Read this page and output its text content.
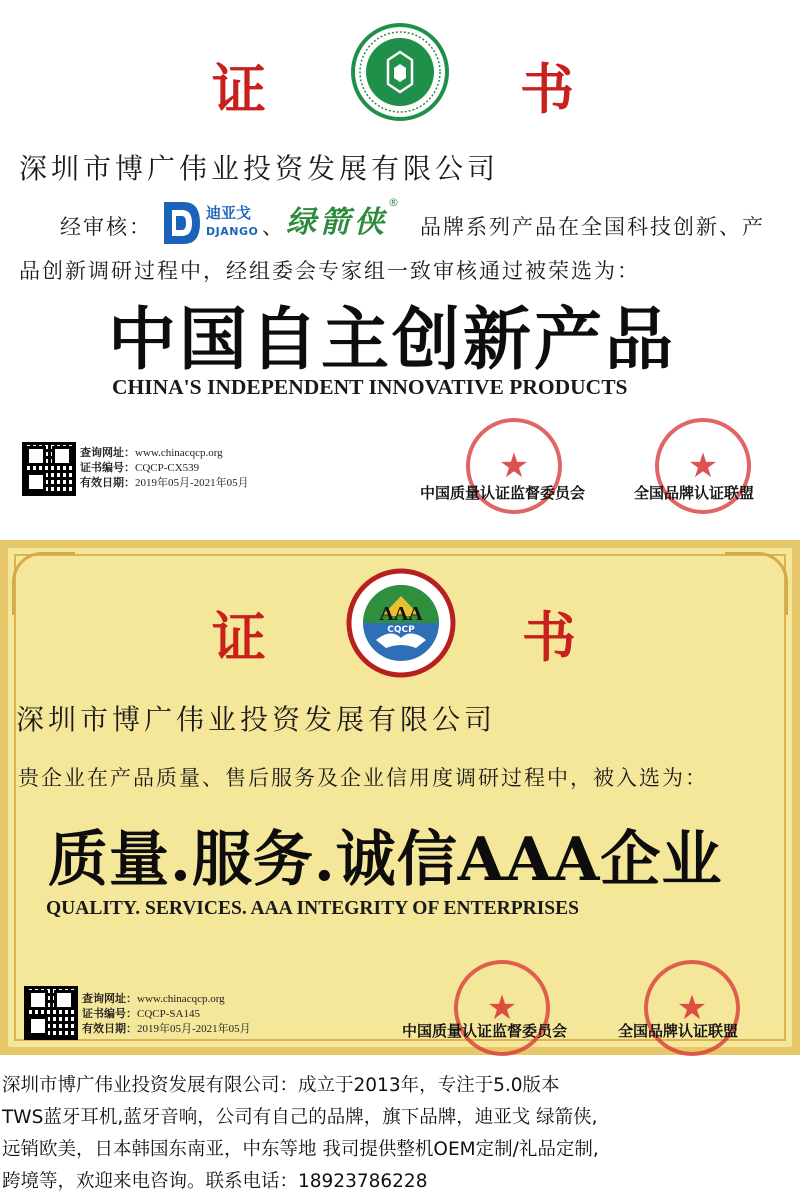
证	书
深圳市博广伟业投资发展有限公司
经审核：
迪亚戈
DJANGO 、 绿箭侠
®
品牌系列产品在全国科技创新、产
品创新调研过程中，经组委会专家组一致审核通过被荣选为：
中国自主创新产品
CHINA'S INDEPENDENT INNOVATIVE PRODUCTS
查询网址：www.chinacqcp.org
证书编号：CQCP-CX539
有效日期：2019年05月-2021年05月	★	★
中国质量认证监督委员会	全国品牌认证联盟
证	书
AAA
CQCP
深圳市博广伟业投资发展有限公司
贵企业在产品质量、售后服务及企业信用度调研过程中，被入选为：
质量.服务.诚信AAA企业
QUALITY. SERVICES. AAA INTEGRITY OF ENTERPRISES
查询网址：www.chinacqcp.org
证书编号：CQCP-SA145
有效日期：2019年05月-2021年05月
★	★
中国质量认证监督委员会	全国品牌认证联盟
深圳市博广伟业投资发展有限公司：成立于2013年，专注于5.0版本
TWS蓝牙耳机,蓝牙音响，公司有自己的品牌，旗下品牌，迪亚戈 绿箭侠,
远销欧美，日本韩国东南亚，中东等地 我司提供整机OEM定制/礼品定制,
跨境等，欢迎来电咨询。联系电话：18923786228
